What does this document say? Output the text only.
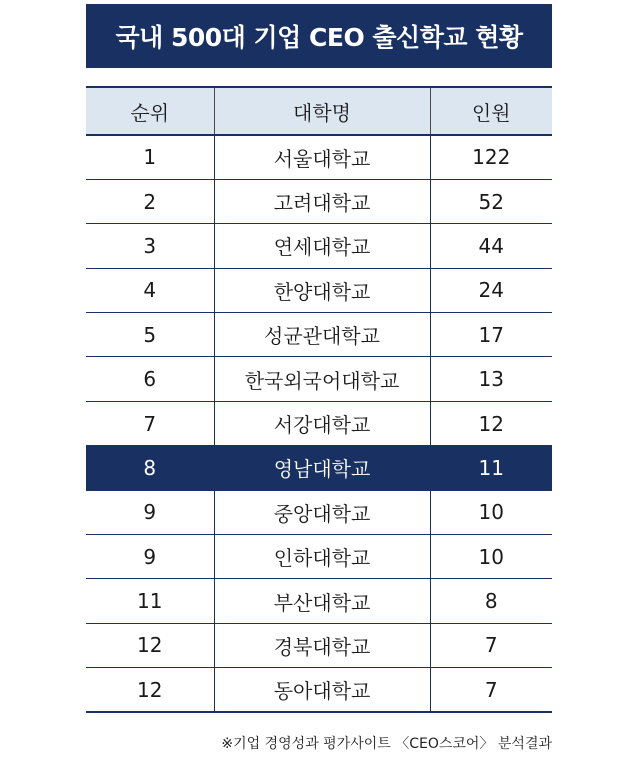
국내 500대 기업 CEO 출신학교 현황
순위	대학명	인원
1	서울대학교	122
2	고려대학교	52
3	연세대학교	44
4	한양대학교	24
5	성균관대학교	17
6	한국외국어대학교	13
7	서강대학교	12
8	영남대학교	11
9	중앙대학교	10
9	인하대학교	10
11	부산대학교	8
12	경북대학교	7
12	동아대학교	7
※기업 경영성과 평가사이트 〈CEO스코어〉 분석결과
